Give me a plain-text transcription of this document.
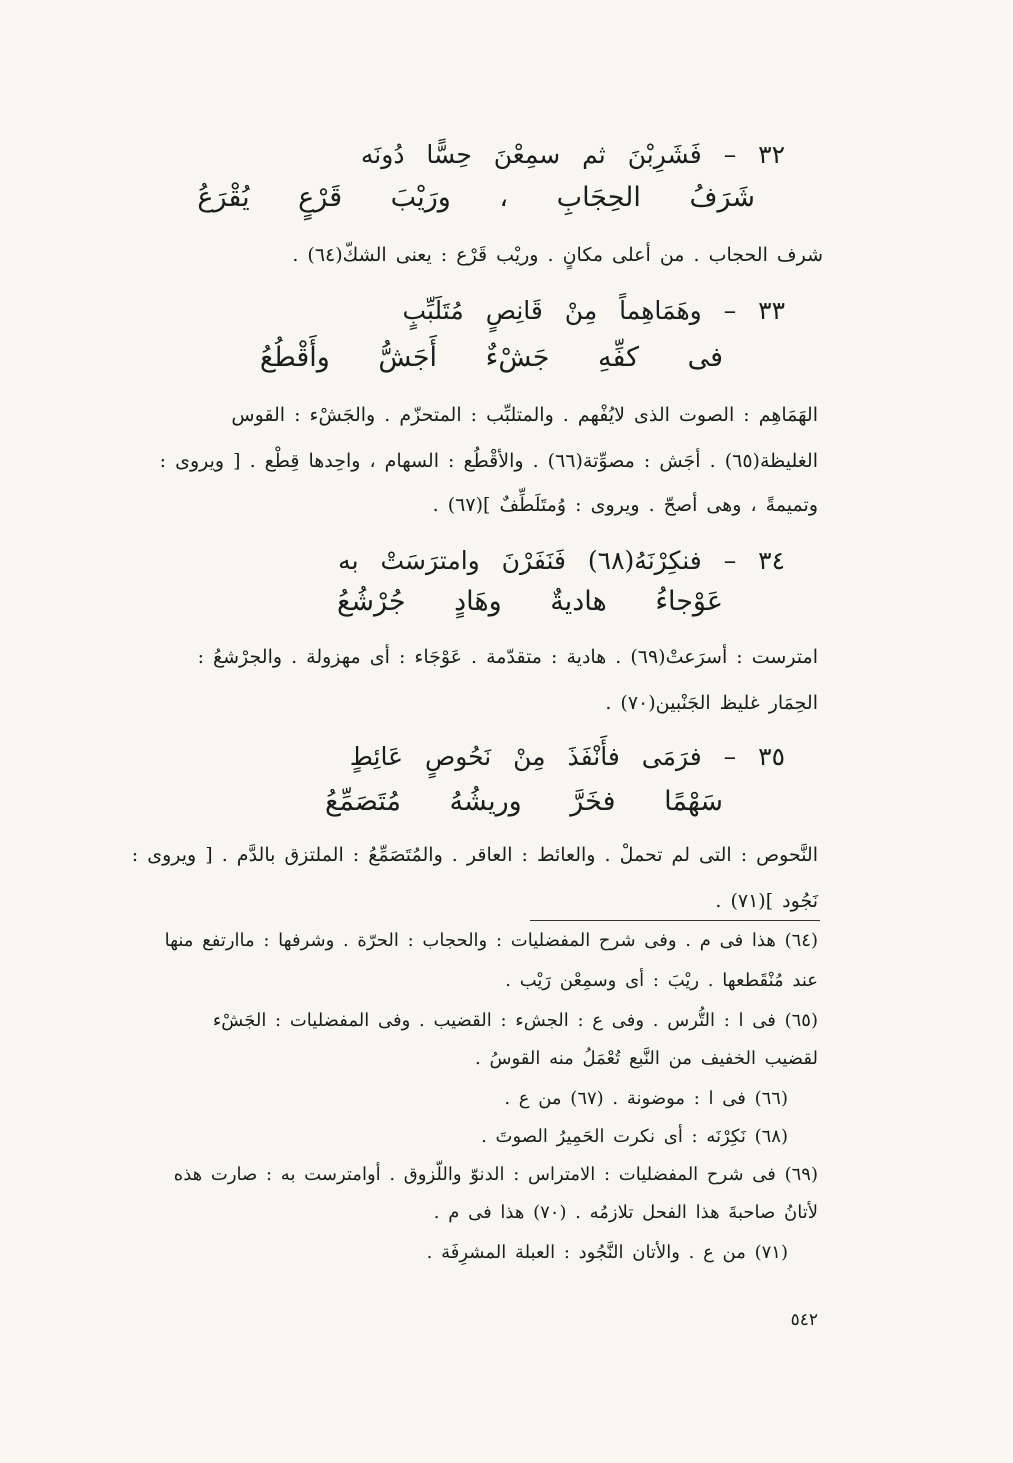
٣٢ – فَشَرِبْنَ ثم سمِعْنَ حِسًّا دُونَه
شَرَفُ الحِجَابِ ، ورَيْبَ قَرْعٍ يُقْرَعُ
شرف الحجاب . من أعلى مكانٍ . وريْب قَرْع : يعنى الشكّ(٦٤) .
٣٣ – وهَمَاهِماً مِنْ قَانِصٍ مُتَلَبِّبٍ
فى كفِّهِ جَشْءٌ أَجَشُّ وأَقْطُعُ
الهَمَاهِم : الصوت الذى لايُفْهم . والمتلبِّب : المتحزّم . والجَشْء : القوس
الغليظة(٦٥) . أجَش : مصوِّتة(٦٦) . والأقْطُع : السهام ، واحِدها قِطْع . [ ويروى :
وتميمةً ، وهى أصحّ . ويروى : وُمتَلَطِّفٌ ](٦٧) .
٣٤ – فنكِرْنَهُ(٦٨) فَنَفَرْنَ وامترَسَتْ به
عَوْجاءُ هاديةٌ وهَادٍ جُرْشُعُ
امترست : أسرَعتْ(٦٩) . هادية : متقدّمة . عَوْجَاء : أى مهزولة . والجرْشعُ :
الحِمَار غليظ الجَنْبين(٧٠) .
٣٥ – فرَمَى فأَنْفَذَ مِنْ نَحُوصٍ عَائِطٍ
سَهْمًا فخَرَّ وريشُهُ مُتَصَمِّعُ
النَّحوص : التى لم تحملْ . والعائط : العاقر . والمُتَصَمِّعُ : الملتزق بالدَّم . [ ويروى :
نَجُود ](٧١) .
(٦٤) هذا فى م . وفى شرح المفضليات : والحجاب : الحرّة . وشرفها : ماارتفع منها
عند مُنْقَطعها . ريْبَ : أى وسمِعْن رَيْب .
(٦٥) فى ا : التُّرس . وفى ع : الجشء : القضيب . وفى المفضليات : الجَشْء
لقضيب الخفيف من النَّبع تُعْمَلُ منه القوسُ .
(٦٦) فى ا : موضونة . (٦٧) من ع .
(٦٨) نَكِرْنَه : أى نكرت الحَمِيرُ الصوتَ .
(٦٩) فى شرح المفضليات : الامتراس : الدنوّ واللّزوق . أوامترست به : صارت هذه
لأتانُ صاحبةَ هذا الفحل تلازمُه . (٧٠) هذا فى م .
(٧١) من ع . والأتان النَّجُود : العبلة المشرِفَة .
٥٤٢
